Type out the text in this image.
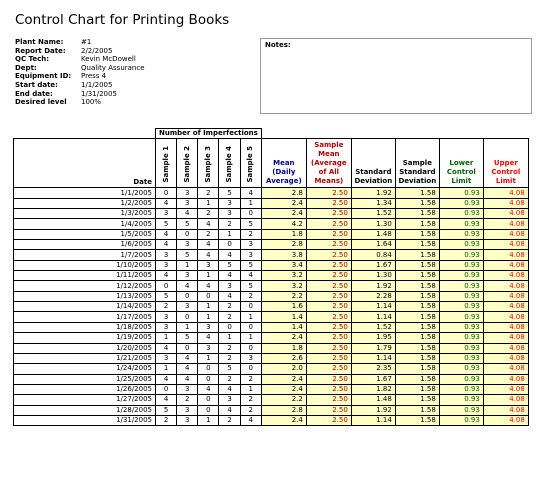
Control Chart for Printing Books
Plant Name:	#1
Report Date:	2/2/2005
QC Tech:	Kevin McDowell
Dept:	Quality Assurance
Equipment ID:	Press 4
Start date:	1/1/2005
End date:	1/31/2005
Desired level	100%
Notes:
	Number of Imperfections										
Date	Sample 1	Sample 2	Sample 3	Sample 4	Sample 5	Mean (Daily Average)	Sample Mean (Average of All Means)	Standard Deviation	Sample Standard Deviation	Lower Control Limit	Upper Control Limit
1/1/2005	0	3	2	5	4	2.8	2.50	1.92	1.58	0.93	4.08
1/2/2005	4	3	1	3	1	2.4	2.50	1.34	1.58	0.93	4.08
1/3/2005	3	4	2	3	0	2.4	2.50	1.52	1.58	0.93	4.08
1/4/2005	5	5	4	2	5	4.2	2.50	1.30	1.58	0.93	4.08
1/5/2005	4	0	2	1	2	1.8	2.50	1.48	1.58	0.93	4.08
1/6/2005	4	3	4	0	3	2.8	2.50	1.64	1.58	0.93	4.08
1/7/2005	3	5	4	4	3	3.8	2.50	0.84	1.58	0.93	4.08
1/10/2005	3	1	3	5	5	3.4	2.50	1.67	1.58	0.93	4.08
1/11/2005	4	3	1	4	4	3.2	2.50	1.30	1.58	0.93	4.08
1/12/2005	0	4	4	3	5	3.2	2.50	1.92	1.58	0.93	4.08
1/13/2005	5	0	0	4	2	2.2	2.50	2.28	1.58	0.93	4.08
1/14/2005	2	3	1	2	0	1.6	2.50	1.14	1.58	0.93	4.08
1/17/2005	3	0	1	2	1	1.4	2.50	1.14	1.58	0.93	4.08
1/18/2005	3	1	3	0	0	1.4	2.50	1.52	1.58	0.93	4.08
1/19/2005	1	5	4	1	1	2.4	2.50	1.95	1.58	0.93	4.08
1/20/2005	4	0	3	2	0	1.8	2.50	1.79	1.58	0.93	4.08
1/21/2005	3	4	1	2	3	2.6	2.50	1.14	1.58	0.93	4.08
1/24/2005	1	4	0	5	0	2.0	2.50	2.35	1.58	0.93	4.08
1/25/2005	4	4	0	2	2	2.4	2.50	1.67	1.58	0.93	4.08
1/26/2005	0	3	4	4	1	2.4	2.50	1.82	1.58	0.93	4.08
1/27/2005	4	2	0	3	2	2.2	2.50	1.48	1.58	0.93	4.08
1/28/2005	5	3	0	4	2	2.8	2.50	1.92	1.58	0.93	4.08
1/31/2005	2	3	1	2	4	2.4	2.50	1.14	1.58	0.93	4.08
